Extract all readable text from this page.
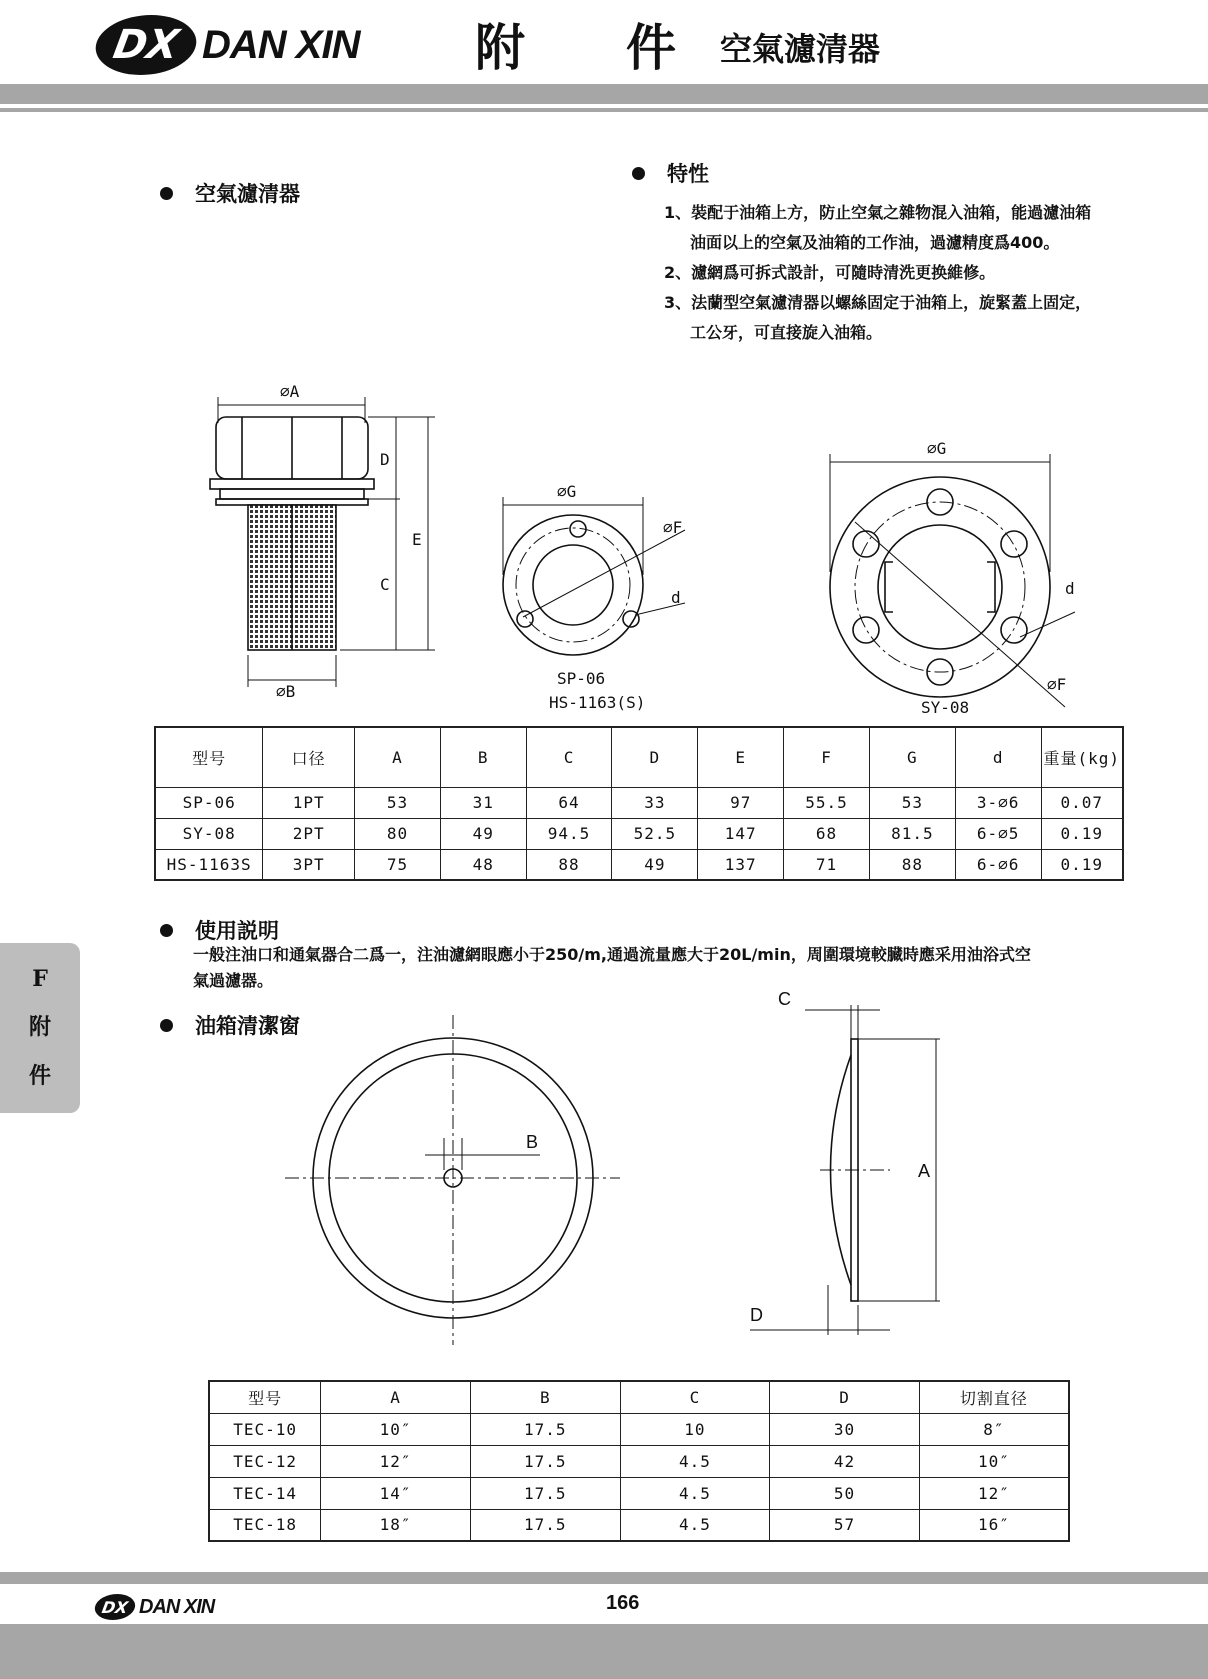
DX DAN XIN 附 件 空氣濾清器
空氣濾清器
特性
1、裝配于油箱上方，防止空氣之雜物混入油箱，能過濾油箱
油面以上的空氣及油箱的工作油，過濾精度爲400。
2、濾網爲可拆式設計，可隨時清洗更换維修。
3、法蘭型空氣濾清器以螺絲固定于油箱上，旋緊蓋上固定，
工公牙，可直接旋入油箱。
⌀A
D
C
E
⌀B
⌀G
⌀F
d
SP-06
HS-1163(S)
⌀G
⌀F
d
SY-08
型号	口径	A	B	C	D	E	F	G	d	重量(kg)
SP-06	1PT	53	31	64	33	97	55.5	53	3-⌀6	0.07
SY-08	2PT	80	49	94.5	52.5	147	68	81.5	6-⌀5	0.19
HS-1163S	3PT	75	48	88	49	137	71	88	6-⌀6	0.19
使用説明
一般注油口和通氣器合二爲一，注油濾網眼應小于250/m,通過流量應大于20L/min，周圍環境較臓時應采用油浴式空
氣過濾器。
F
附
件
油箱清潔窗
B
C
A
D
型号	A	B	C	D	切割直径
TEC-10	10″	17.5	10	30	8″
TEC-12	12″	17.5	4.5	42	10″
TEC-14	14″	17.5	4.5	50	12″
TEC-18	18″	17.5	4.5	57	16″
DX DAN XIN	166
